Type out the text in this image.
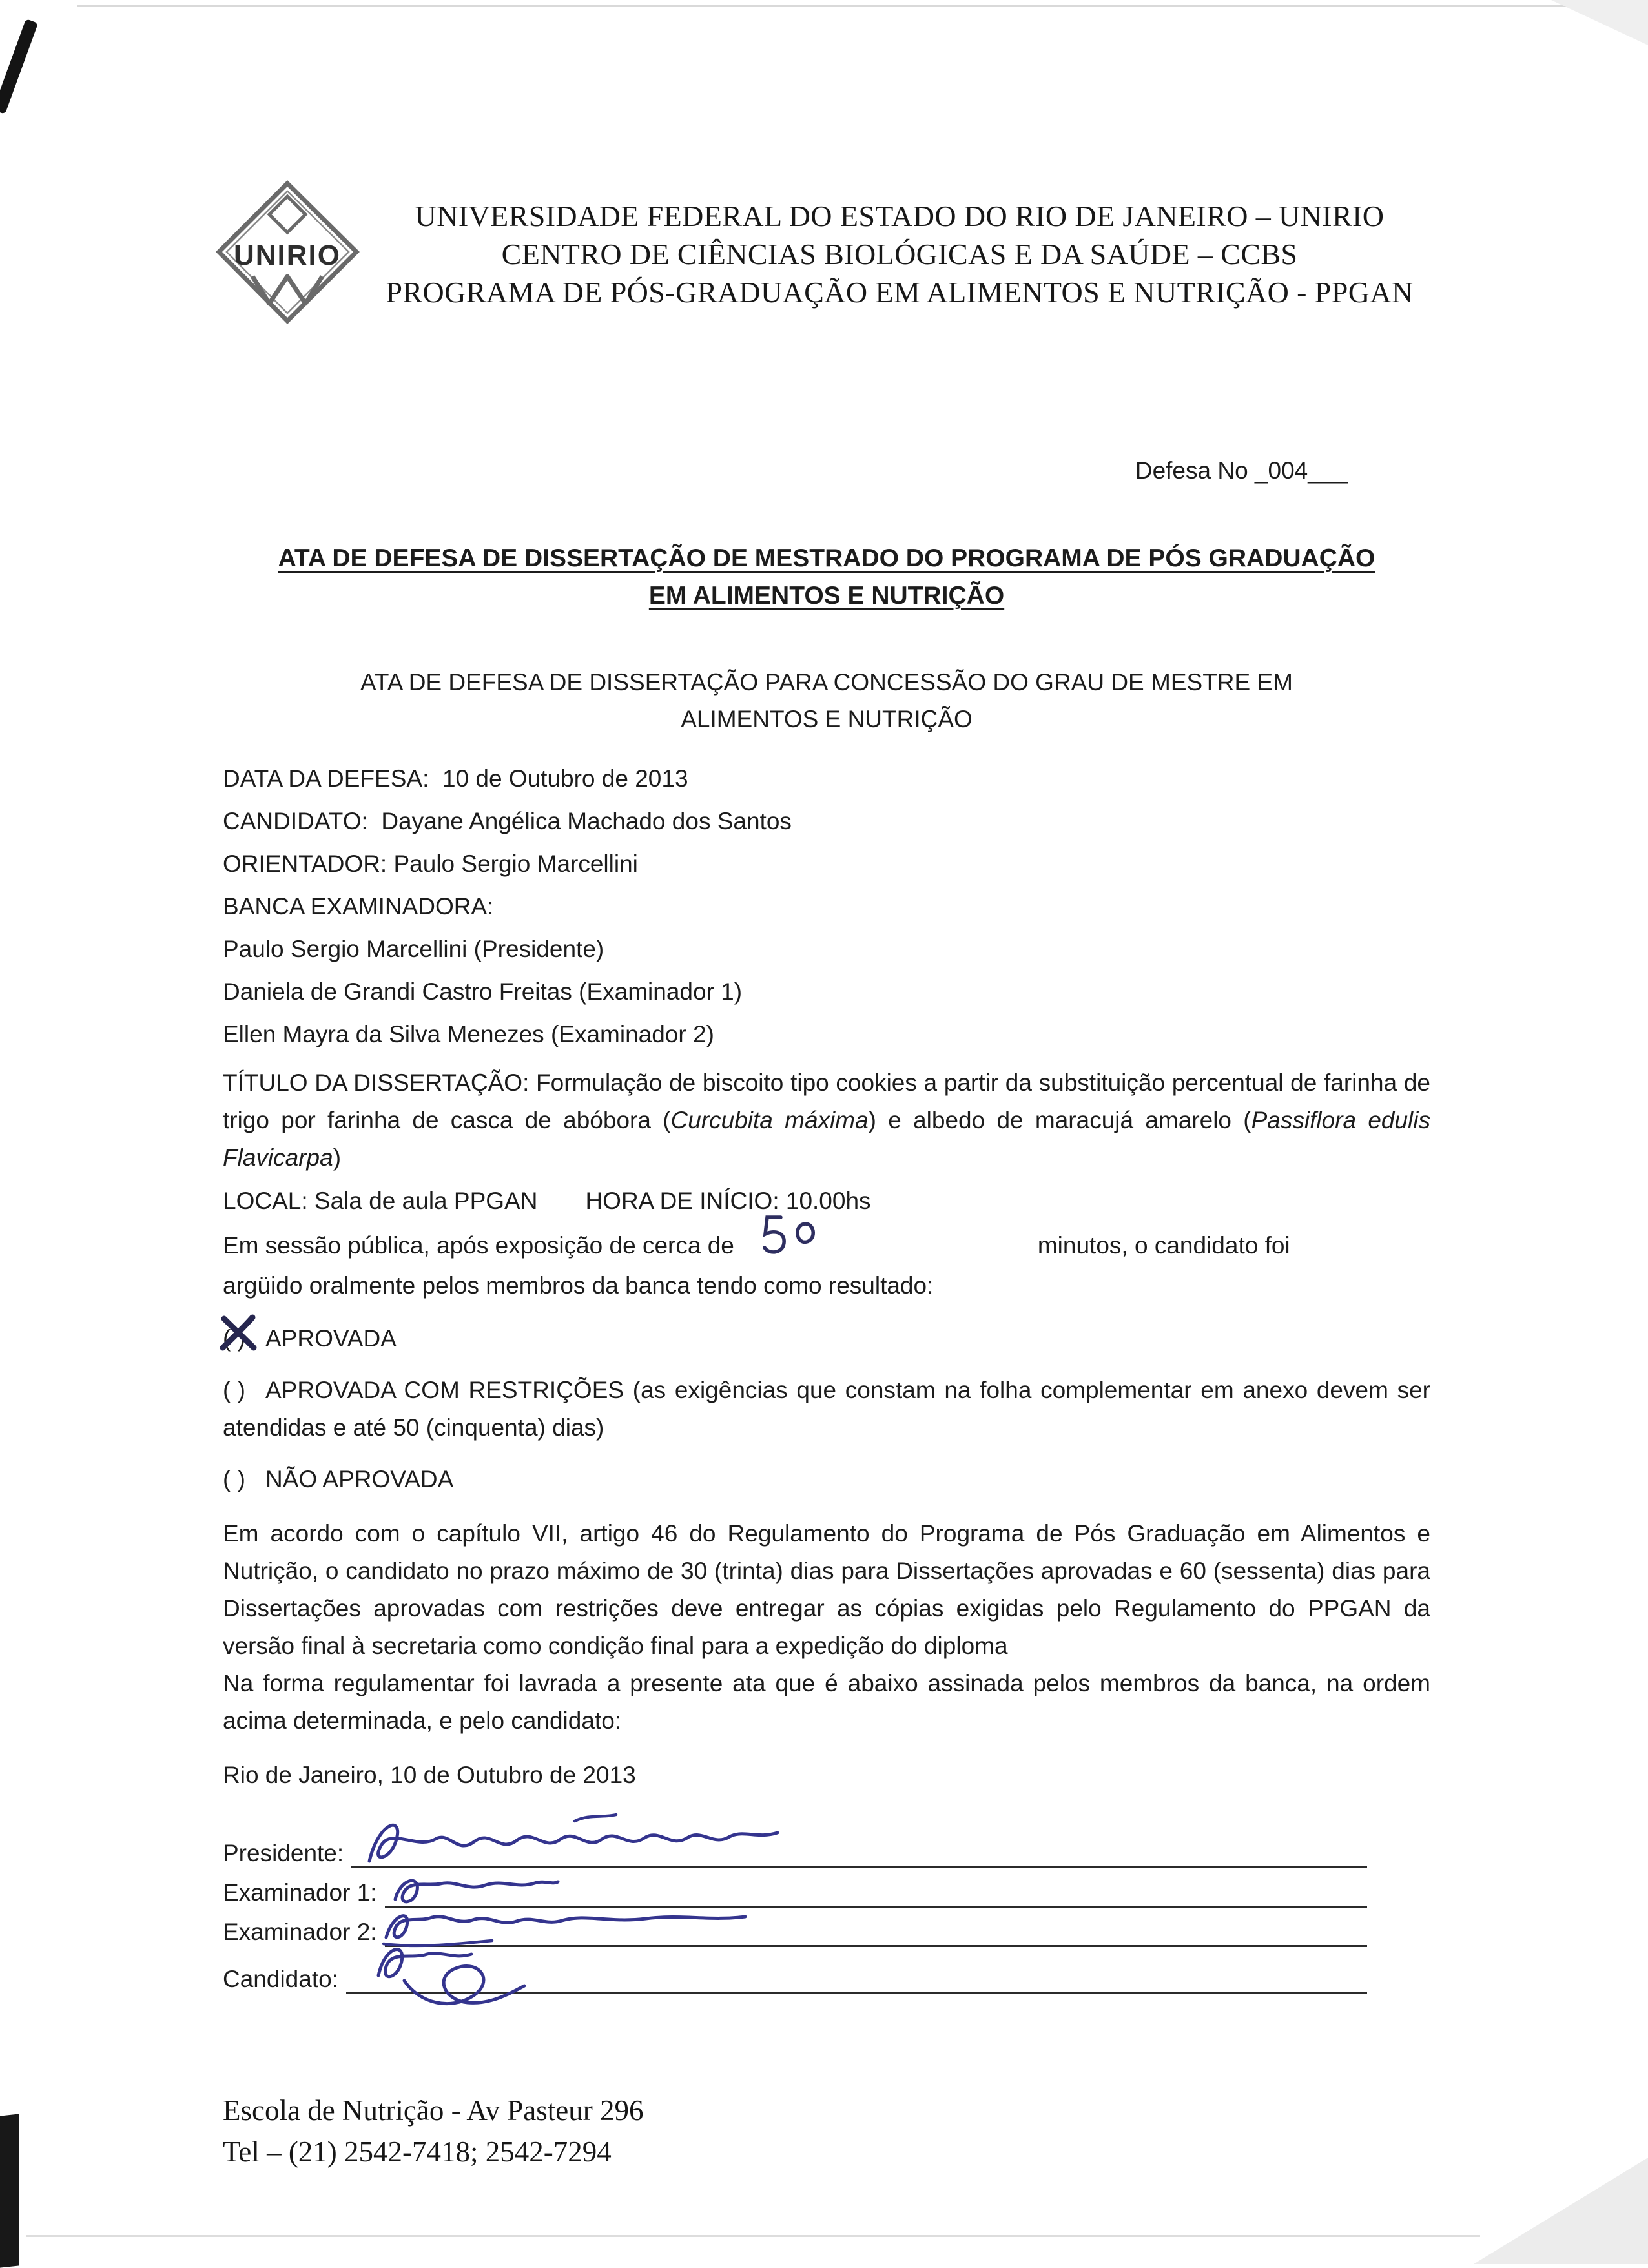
UNIRIO
UNIVERSIDADE FEDERAL DO ESTADO DO RIO DE JANEIRO – UNIRIO
CENTRO DE CIÊNCIAS BIOLÓGICAS E DA SAÚDE – CCBS
PROGRAMA DE PÓS-GRADUAÇÃO EM ALIMENTOS E NUTRIÇÃO - PPGAN
Defesa No _004___
ATA DE DEFESA DE DISSERTAÇÃO DE MESTRADO DO PROGRAMA DE PÓS GRADUAÇÃO
EM ALIMENTOS E NUTRIÇÃO
ATA DE DEFESA DE DISSERTAÇÃO PARA CONCESSÃO DO GRAU DE MESTRE EM
ALIMENTOS E NUTRIÇÃO
DATA DA DEFESA:  10 de Outubro de 2013
CANDIDATO:  Dayane Angélica Machado dos Santos
ORIENTADOR: Paulo Sergio Marcellini
BANCA EXAMINADORA:
Paulo Sergio Marcellini (Presidente)
Daniela de Grandi Castro Freitas (Examinador 1)
Ellen Mayra da Silva Menezes (Examinador 2)
TÍTULO DA DISSERTAÇÃO: Formulação de biscoito tipo cookies a partir da substituição percentual de farinha de trigo por farinha de casca de abóbora (Curcubita máxima) e albedo de maracujá amarelo (Passiflora edulis Flavicarpa)
LOCAL: Sala de aula PPGAN HORA DE INÍCIO: 10.00hs
Em sessão pública, após exposição de cerca de	minutos, o candidato foi
argüido oralmente pelos membros da banca tendo como resultado:
( ) APROVADA
( ) APROVADA COM RESTRIÇÕES (as exigências que constam na folha complementar em anexo devem ser atendidas e até 50 (cinquenta) dias)
( ) NÃO APROVADA
Em acordo com o capítulo VII, artigo 46 do Regulamento do Programa de Pós Graduação em Alimentos e Nutrição, o candidato no prazo máximo de 30 (trinta) dias para Dissertações aprovadas e 60 (sessenta) dias para Dissertações aprovadas com restrições deve entregar as cópias exigidas pelo Regulamento do PPGAN da versão final à secretaria como condição final para a expedição do diploma
Na forma regulamentar foi lavrada a presente ata que é abaixo assinada pelos membros da banca, na ordem acima determinada, e pelo candidato:
Rio de Janeiro, 10 de Outubro de 2013
Presidente:
Examinador 1:
Examinador 2:
Candidato:
Escola de Nutrição - Av Pasteur 296
Tel – (21) 2542-7418; 2542-7294
